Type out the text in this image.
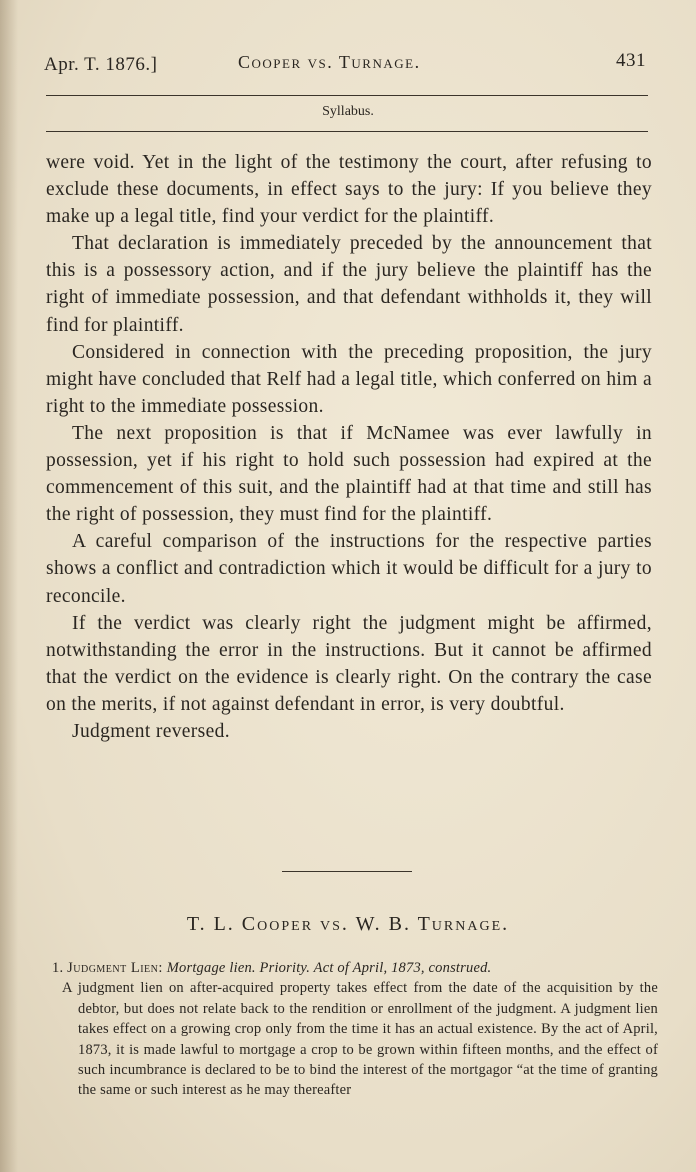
Apr. T. 1876.]	Cooper vs. Turnage.	431
Syllabus.

were void. Yet in the light of the testimony the court, after refusing to exclude these documents, in effect says to the jury: If you believe they make up a legal title, find your verdict for the plaintiff.

That declaration is immediately preceded by the announcement that this is a possessory action, and if the jury believe the plaintiff has the right of immediate possession, and that defendant withholds it, they will find for plaintiff.

Considered in connection with the preceding proposition, the jury might have concluded that Relf had a legal title, which conferred on him a right to the immediate possession.

The next proposition is that if McNamee was ever lawfully in possession, yet if his right to hold such possession had expired at the commencement of this suit, and the plaintiff had at that time and still has the right of possession, they must find for the plaintiff.

A careful comparison of the instructions for the respective parties shows a conflict and contradiction which it would be difficult for a jury to reconcile.

If the verdict was clearly right the judgment might be affirmed, notwithstanding the error in the instructions. But it cannot be affirmed that the verdict on the evidence is clearly right. On the contrary the case on the merits, if not against defendant in error, is very doubtful.

Judgment reversed.

T. L. Cooper vs. W. B. Turnage.

1. Judgment Lien: Mortgage lien. Priority. Act of April, 1873, construed.

A judgment lien on after-acquired property takes effect from the date of the acquisition by the debtor, but does not relate back to the rendition or enrollment of the judgment. A judgment lien takes effect on a growing crop only from the time it has an actual existence. By the act of April, 1873, it is made lawful to mortgage a crop to be grown within fifteen months, and the effect of such incumbrance is declared to be to bind the interest of the mortgagor “at the time of granting the same or such interest as he may thereafter
